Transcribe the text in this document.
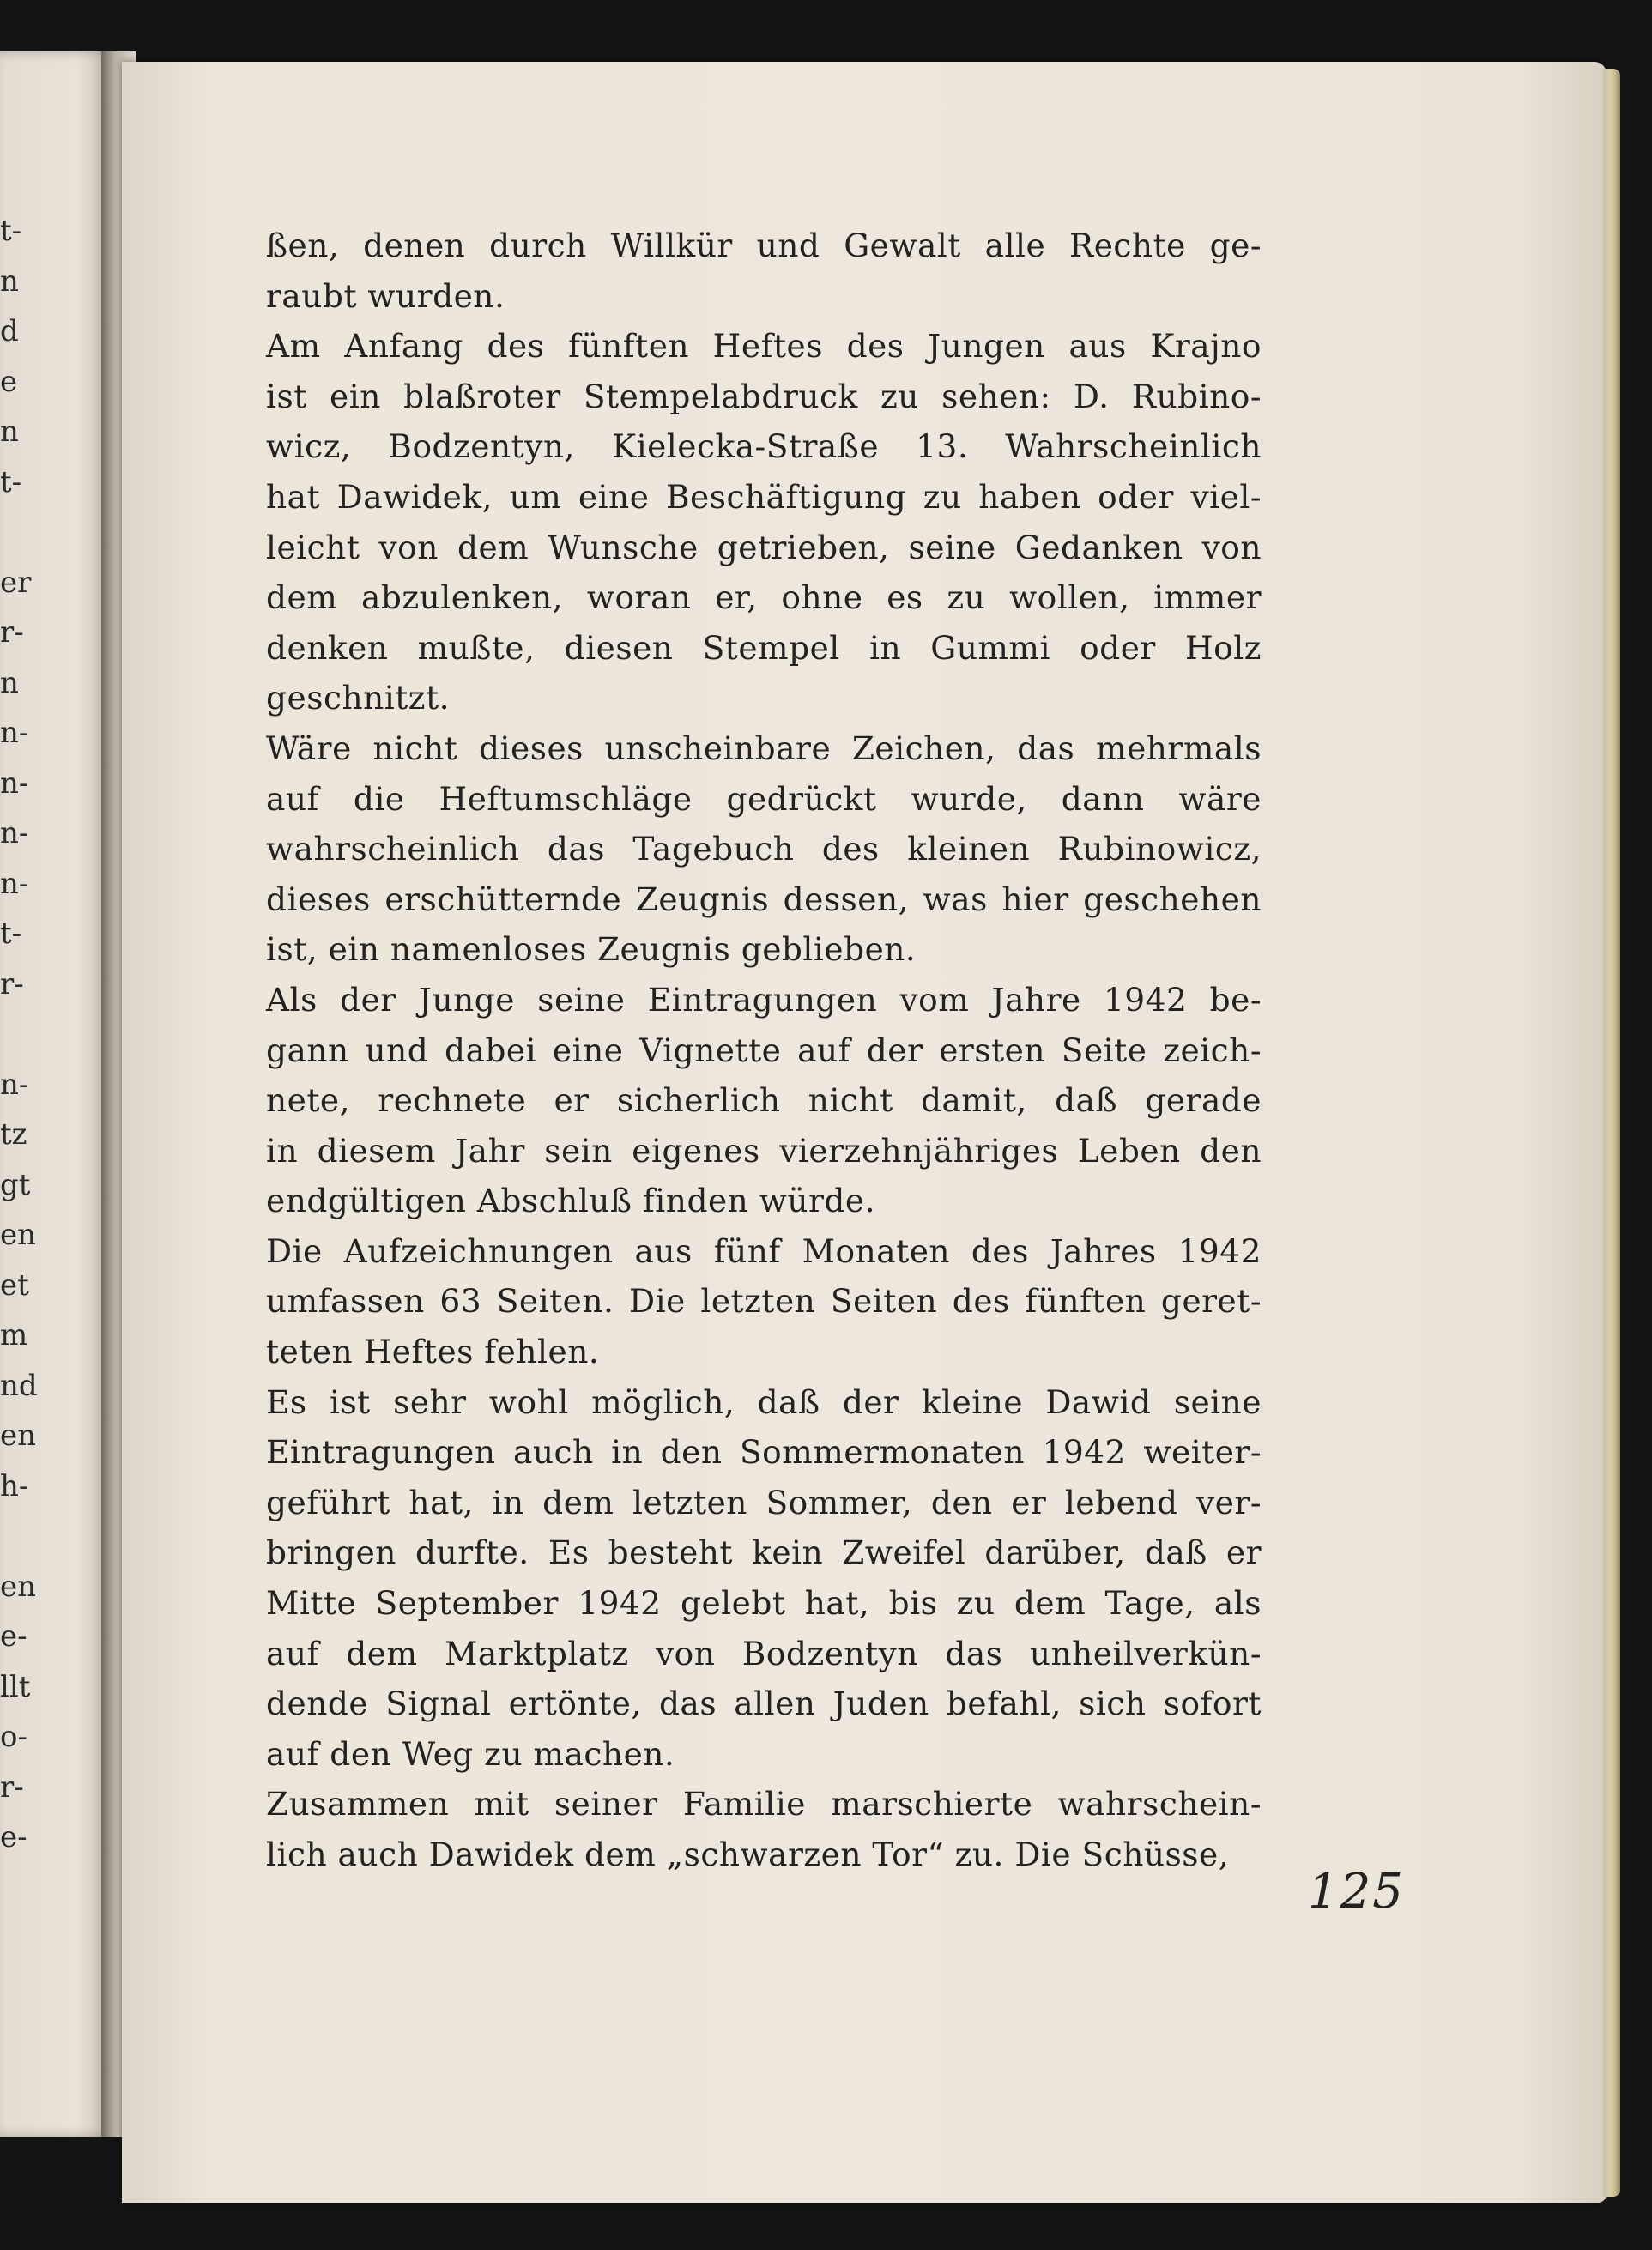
t-
n
d
e
n
t-
er
r-
n
n-
n-
n-
n-
t-
r-
n-
tz
gt
en
et
m
nd
en
h-
en
e-
llt
o-
r-
e-
ßen, denen durch Willkür und Gewalt alle Rechte ge-
raubt wurden.
Am Anfang des fünften Heftes des Jungen aus Krajno
ist ein blaßroter Stempelabdruck zu sehen: D. Rubino-
wicz, Bodzentyn, Kielecka-Straße 13. Wahrscheinlich
hat Dawidek, um eine Beschäftigung zu haben oder viel-
leicht von dem Wunsche getrieben, seine Gedanken von
dem abzulenken, woran er, ohne es zu wollen, immer
denken mußte, diesen Stempel in Gummi oder Holz
geschnitzt.
Wäre nicht dieses unscheinbare Zeichen, das mehrmals
auf die Heftumschläge gedrückt wurde, dann wäre
wahrscheinlich das Tagebuch des kleinen Rubinowicz,
dieses erschütternde Zeugnis dessen, was hier geschehen
ist, ein namenloses Zeugnis geblieben.
Als der Junge seine Eintragungen vom Jahre 1942 be-
gann und dabei eine Vignette auf der ersten Seite zeich-
nete, rechnete er sicherlich nicht damit, daß gerade
in diesem Jahr sein eigenes vierzehnjähriges Leben den
endgültigen Abschluß finden würde.
Die Aufzeichnungen aus fünf Monaten des Jahres 1942
umfassen 63 Seiten. Die letzten Seiten des fünften geret-
teten Heftes fehlen.
Es ist sehr wohl möglich, daß der kleine Dawid seine
Eintragungen auch in den Sommermonaten 1942 weiter-
geführt hat, in dem letzten Sommer, den er lebend ver-
bringen durfte. Es besteht kein Zweifel darüber, daß er
Mitte September 1942 gelebt hat, bis zu dem Tage, als
auf dem Marktplatz von Bodzentyn das unheilverkün-
dende Signal ertönte, das allen Juden befahl, sich sofort
auf den Weg zu machen.
Zusammen mit seiner Familie marschierte wahrschein-
lich auch Dawidek dem „schwarzen Tor“ zu. Die Schüsse,
125
